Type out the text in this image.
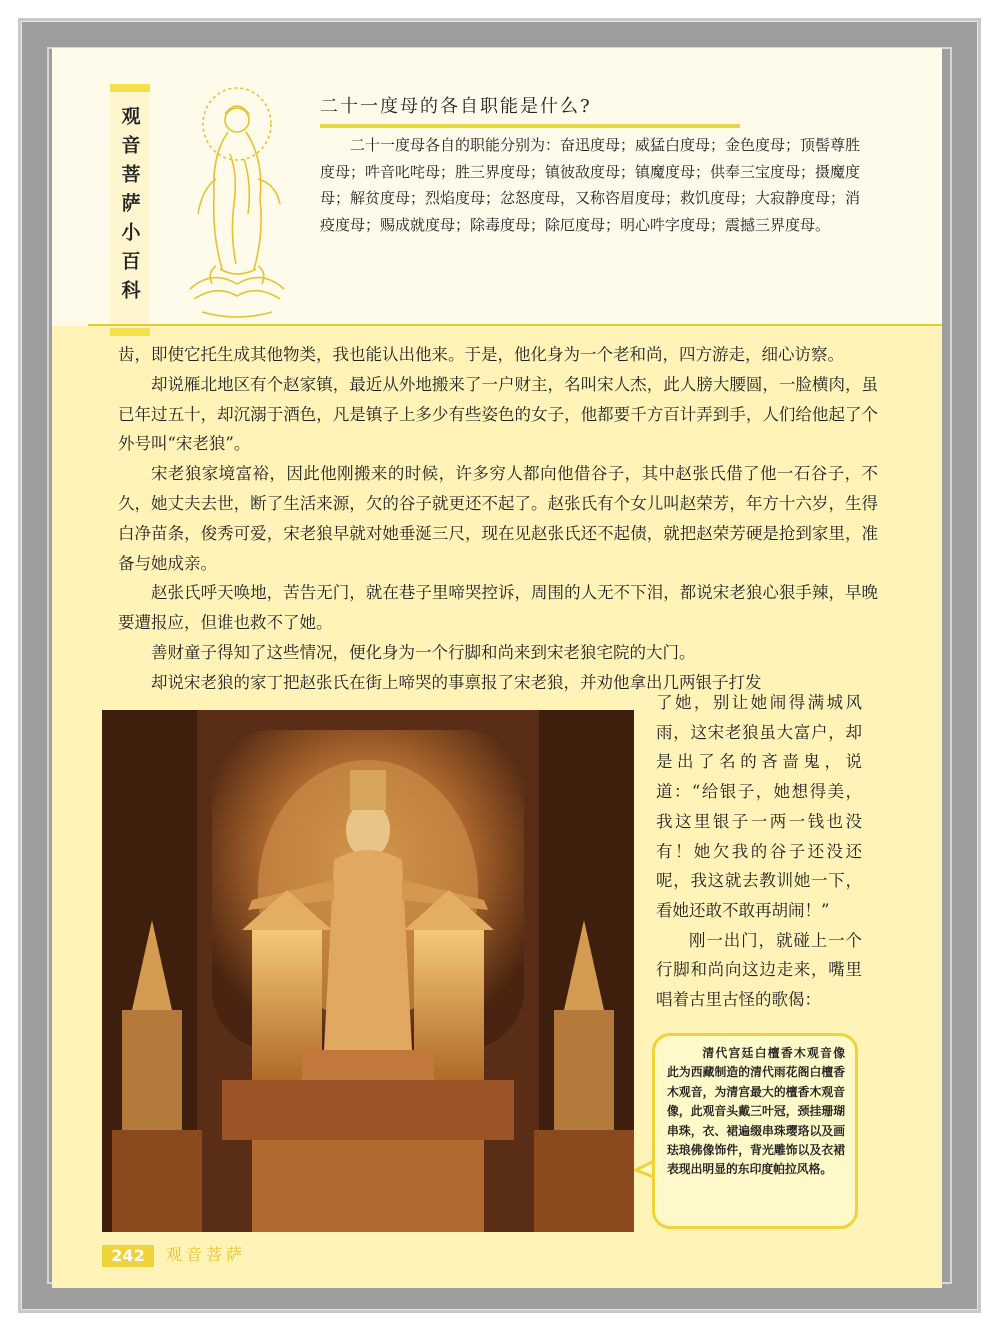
观音菩萨小百科	二十一度母的各自职能是什么?
二十一度母各自的职能分别为：奋迅度母；威猛白度母；金色度母；顶髻尊胜度母；吽音叱咤母；胜三界度母；镇彼敌度母；镇魔度母；供奉三宝度母；摄魔度母；解贫度母；烈焰度母；忿怒度母，又称咨眉度母；救饥度母；大寂静度母；消疫度母；赐成就度母；除毒度母；除厄度母；明心吽字度母；震撼三界度母。

齿，即使它托生成其他物类，我也能认出他来。于是，他化身为一个老和尚，四方游走，细心访察。

却说雁北地区有个赵家镇，最近从外地搬来了一户财主，名叫宋人杰，此人膀大腰圆，一脸横肉，虽已年过五十，却沉溺于酒色，凡是镇子上多少有些姿色的女子，他都要千方百计弄到手，人们给他起了个外号叫“宋老狼”。

宋老狼家境富裕，因此他刚搬来的时候，许多穷人都向他借谷子，其中赵张氏借了他一石谷子，不久，她丈夫去世，断了生活来源，欠的谷子就更还不起了。赵张氏有个女儿叫赵荣芳，年方十六岁，生得白净苗条，俊秀可爱，宋老狼早就对她垂涎三尺，现在见赵张氏还不起债，就把赵荣芳硬是抢到家里，准备与她成亲。

赵张氏呼天唤地，苦告无门，就在巷子里啼哭控诉，周围的人无不下泪，都说宋老狼心狠手辣，早晚要遭报应，但谁也救不了她。

善财童子得知了这些情况，便化身为一个行脚和尚来到宋老狼宅院的大门。

却说宋老狼的家丁把赵张氏在街上啼哭的事禀报了宋老狼，并劝他拿出几两银子打发

了她，别让她闹得满城风雨，这宋老狼虽大富户，却是出了名的吝啬鬼，说道：“给银子，她想得美，我这里银子一两一钱也没有！她欠我的谷子还没还呢，我这就去教训她一下，看她还敢不敢再胡闹！”

刚一出门，就碰上一个行脚和尚向这边走来，嘴里唱着古里古怪的歌偈：

清代宫廷白檀香木观音像 此为西藏制造的清代雨花阁白檀香木观音，为清宫最大的檀香木观音像，此观音头戴三叶冠，颈挂珊瑚串珠，衣、裙遍缀串珠璎珞以及画珐琅佛像饰件，背光雕饰以及衣裙表现出明显的东印度帕拉风格。
242	观音菩萨
